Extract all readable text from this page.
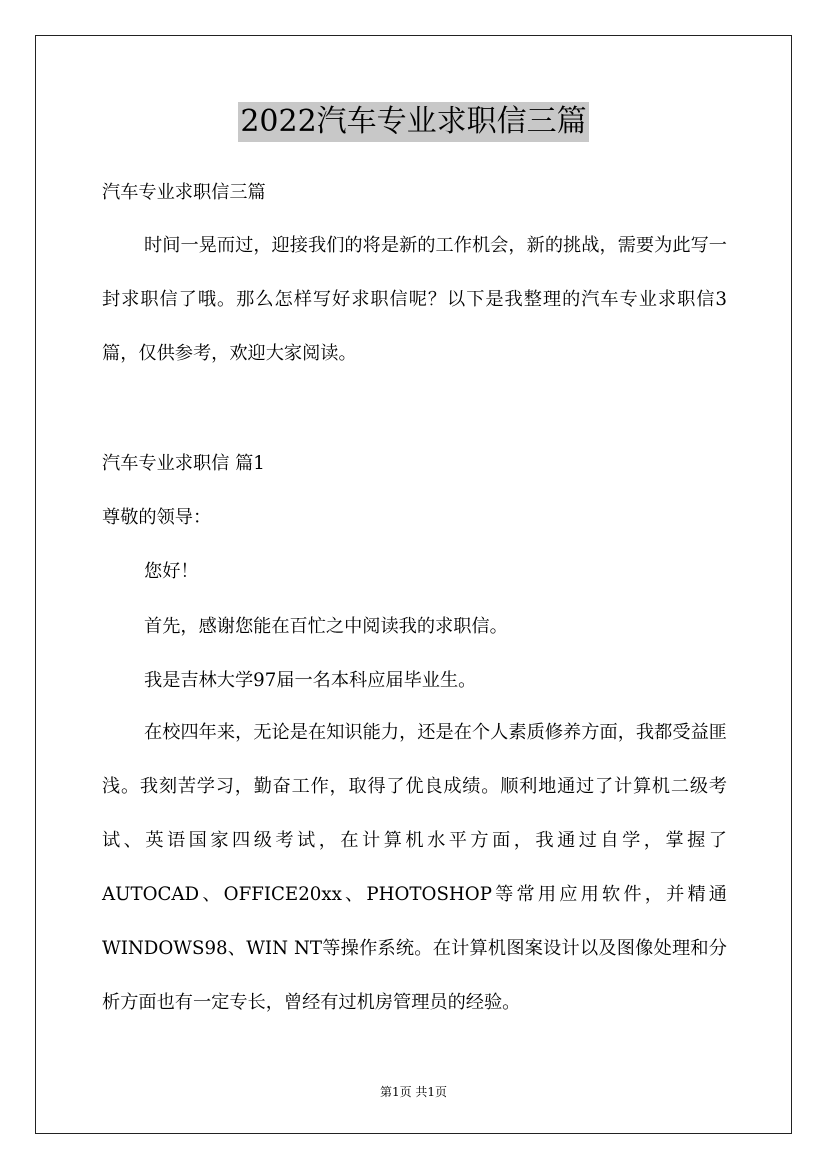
2022汽车专业求职信三篇

汽车专业求职信三篇

时间一晃而过，迎接我们的将是新的工作机会，新的挑战，需要为此写一封求职信了哦。那么怎样写好求职信呢？以下是我整理的汽车专业求职信3篇，仅供参考，欢迎大家阅读。

汽车专业求职信 篇1

尊敬的领导：

您好！

首先，感谢您能在百忙之中阅读我的求职信。

我是吉林大学97届一名本科应届毕业生。

在校四年来，无论是在知识能力，还是在个人素质修养方面，我都受益匪浅。我刻苦学习，勤奋工作，取得了优良成绩。顺利地通过了计算机二级考试、英语国家四级考试，在计算机水平方面，我通过自学，掌握了AUTOCAD、OFFICE20xx、PHOTOSHOP等常用应用软件，并精通WINDOWS98、WIN NT等操作系统。在计算机图案设计以及图像处理和分析方面也有一定专长，曾经有过机房管理员的经验。

第1页 共1页
